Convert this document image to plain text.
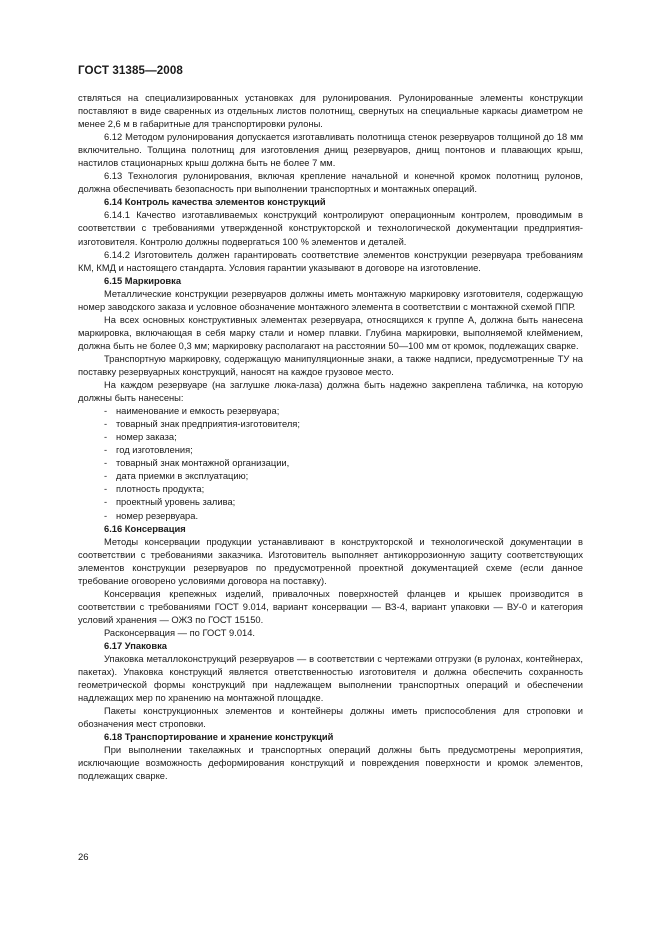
ГОСТ 31385—2008

ствляться на специализированных установках для рулонирования. Рулонированные элементы конструкции поставляют в виде сваренных из отдельных листов полотнищ, свернутых на специальные каркасы диаметром не менее 2,6 м в габаритные для транспортировки рулоны.

6.12 Методом рулонирования допускается изготавливать полотнища стенок резервуаров толщиной до 18 мм включительно. Толщина полотнищ для изготовления днищ резервуаров, днищ понтонов и плавающих крыш, настилов стационарных крыш должна быть не более 7 мм.

6.13 Технология рулонирования, включая крепление начальной и конечной кромок полотнищ рулонов, должна обеспечивать безопасность при выполнении транспортных и монтажных операций.

6.14 Контроль качества элементов конструкций

6.14.1 Качество изготавливаемых конструкций контролируют операционным контролем, проводимым в соответствии с требованиями утвержденной конструкторской и технологической документации предприятия-изготовителя. Контролю должны подвергаться 100 % элементов и деталей.

6.14.2 Изготовитель должен гарантировать соответствие элементов конструкции резервуара требованиям КМ, КМД и настоящего стандарта. Условия гарантии указывают в договоре на изготовление.

6.15 Маркировка

Металлические конструкции резервуаров должны иметь монтажную маркировку изготовителя, содержащую номер заводского заказа и условное обозначение монтажного элемента в соответствии с монтажной схемой ППР.

На всех основных конструктивных элементах резервуара, относящихся к группе А, должна быть нанесена маркировка, включающая в себя марку стали и номер плавки. Глубина маркировки, выполняемой клеймением, должна быть не более 0,3 мм; маркировку располагают на расстоянии 50—100 мм от кромок, подлежащих сварке.

Транспортную маркировку, содержащую манипуляционные знаки, а также надписи, предусмотренные ТУ на поставку резервуарных конструкций, наносят на каждое грузовое место.

На каждом резервуаре (на заглушке люка-лаза) должна быть надежно закреплена табличка, на которую должны быть нанесены:

- наименование и емкость резервуара;

- товарный знак предприятия-изготовителя;

- номер заказа;

- год изготовления;

- товарный знак монтажной организации,

- дата приемки в эксплуатацию;

- плотность продукта;

- проектный уровень залива;

- номер резервуара.

6.16 Консервация

Методы консервации продукции устанавливают в конструкторской и технологической документации в соответствии с требованиями заказчика. Изготовитель выполняет антикоррозионную защиту соответствующих элементов конструкции резервуаров по предусмотренной проектной документацией схеме (если данное требование оговорено условиями договора на поставку).

Консервация крепежных изделий, привалочных поверхностей фланцев и крышек производится в соответствии с требованиями ГОСТ 9.014, вариант консервации — ВЗ-4, вариант упаковки — ВУ-0 и категория условий хранения — ОЖЗ по ГОСТ 15150.

Расконсервация — по ГОСТ 9.014.

6.17 Упаковка

Упаковка металлоконструкций резервуаров — в соответствии с чертежами отгрузки (в рулонах, контейнерах, пакетах). Упаковка конструкций является ответственностью изготовителя и должна обеспечить сохранность геометрической формы конструкций при надлежащем выполнении транспортных операций и обеспечении надлежащих мер по хранению на монтажной площадке.

Пакеты конструкционных элементов и контейнеры должны иметь приспособления для строповки и обозначения мест строповки.

6.18 Транспортирование и хранение конструкций

При выполнении такелажных и транспортных операций должны быть предусмотрены мероприятия, исключающие возможность деформирования конструкций и повреждения поверхности и кромок элементов, подлежащих сварке.

26
